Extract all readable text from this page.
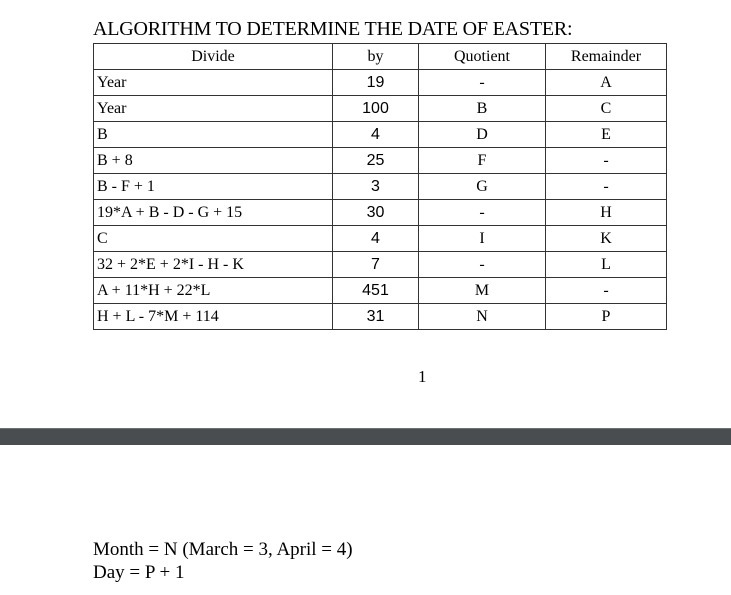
ALGORITHM TO DETERMINE THE DATE OF EASTER:
Divide	by	Quotient	Remainder
Year	19	-	A
Year	100	B	C
B	4	D	E
B + 8	25	F	-
B - F + 1	3	G	-
19*A + B - D - G + 15	30	-	H
C	4	I	K
32 + 2*E + 2*I - H - K	7	-	L
A + 11*H + 22*L	451	M	-
H + L - 7*M + 114	31	N	P
1
Month = N (March = 3, April = 4)
Day = P + 1
